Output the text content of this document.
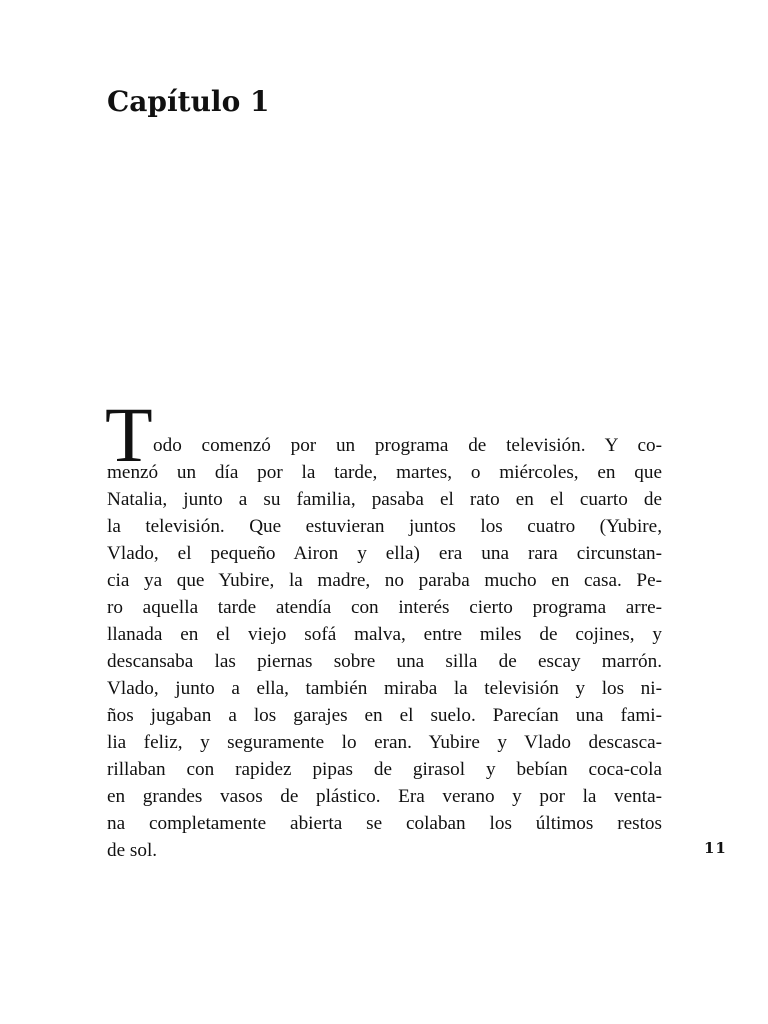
Capítulo 1
T odo comenzó por un programa de televisión. Y co-
menzó un día por la tarde, martes, o miércoles, en que
Natalia, junto a su familia, pasaba el rato en el cuarto de
la televisión. Que estuvieran juntos los cuatro (Yubire,
Vlado, el pequeño Airon y ella) era una rara circunstan-
cia ya que Yubire, la madre, no paraba mucho en casa. Pe-
ro aquella tarde atendía con interés cierto programa arre-
llanada en el viejo sofá malva, entre miles de cojines, y
descansaba las piernas sobre una silla de escay marrón.
Vlado, junto a ella, también miraba la televisión y los ni-
ños jugaban a los garajes en el suelo. Parecían una fami-
lia feliz, y seguramente lo eran. Yubire y Vlado descasca-
rillaban con rapidez pipas de girasol y bebían coca-cola
en grandes vasos de plástico. Era verano y por la venta-
na completamente abierta se colaban los últimos restos
de sol.	11
